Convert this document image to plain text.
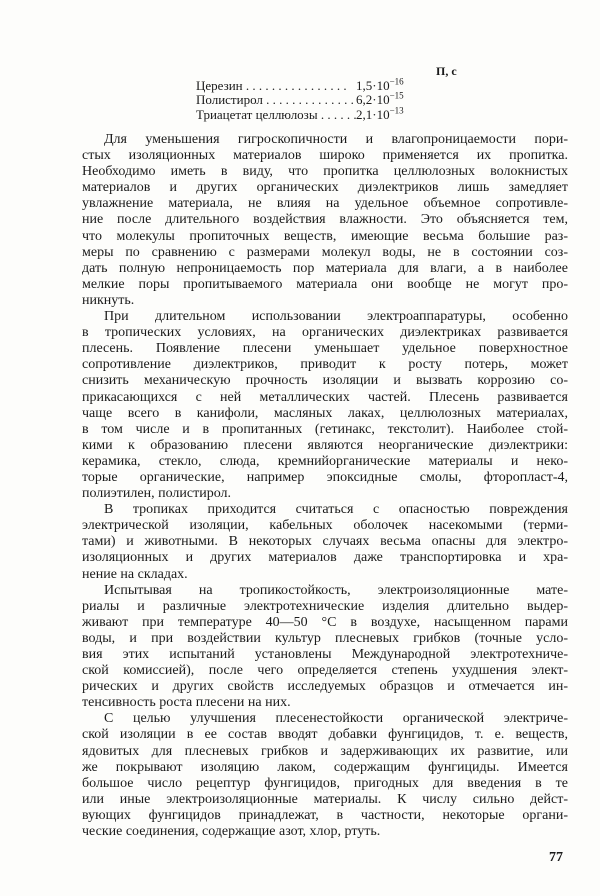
П, с
Церезин . . .	$1,5\cdot 10^{-16}$
Полистирол . . .	$6,2\cdot 10^{-15}$
Триацетат целлюлозы . . .	$2,1\cdot 10^{-13}$
Для уменьшения гигроскопичности и влагопроницаемости пори-
стых изоляционных материалов широко применяется их пропитка.
Необходимо иметь в виду, что пропитка целлюлозных волокнистых
материалов и других органических диэлектриков лишь замедляет
увлажнение материала, не влияя на удельное объемное сопротивле-
ние после длительного воздействия влажности. Это объясняется тем,
что молекулы пропиточных веществ, имеющие весьма большие раз-
меры по сравнению с размерами молекул воды, не в состоянии соз-
дать полную непроницаемость пор материала для влаги, а в наиболее
мелкие поры пропитываемого материала они вообще не могут про-
никнуть.
При длительном использовании электроаппаратуры, особенно
в тропических условиях, на органических диэлектриках развивается
плесень. Появление плесени уменьшает удельное поверхностное
сопротивление диэлектриков, приводит к росту потерь, может
снизить механическую прочность изоляции и вызвать коррозию со-
прикасающихся с ней металлических частей. Плесень развивается
чаще всего в канифоли, масляных лаках, целлюлозных материалах,
в том числе и в пропитанных (гетинакс, текстолит). Наиболее стой-
кими к образованию плесени являются неорганические диэлектрики:
керамика, стекло, слюда, кремнийорганические материалы и неко-
торые органические, например эпоксидные смолы, фторопласт-4,
полиэтилен, полистирол.
В тропиках приходится считаться с опасностью повреждения
электрической изоляции, кабельных оболочек насекомыми (терми-
тами) и животными. В некоторых случаях весьма опасны для электро-
изоляционных и других материалов даже транспортировка и хра-
нение на складах.
Испытывая на тропикостойкость, электроизоляционные мате-
риалы и различные электротехнические изделия длительно выдер-
живают при температуре 40—50 °С в воздухе, насыщенном парами
воды, и при воздействии культур плесневых грибков (точные усло-
вия этих испытаний установлены Международной электротехниче-
ской комиссией), после чего определяется степень ухудшения элект-
рических и других свойств исследуемых образцов и отмечается ин-
тенсивность роста плесени на них.
С целью улучшения плесенестойкости органической электриче-
ской изоляции в ее состав вводят добавки фунгицидов, т. е. веществ,
ядовитых для плесневых грибков и задерживающих их развитие, или
же покрывают изоляцию лаком, содержащим фунгициды. Имеется
большое число рецептур фунгицидов, пригодных для введения в те
или иные электроизоляционные материалы. К числу сильно дейст-
вующих фунгицидов принадлежат, в частности, некоторые органи-
ческие соединения, содержащие азот, хлор, ртуть.
77
